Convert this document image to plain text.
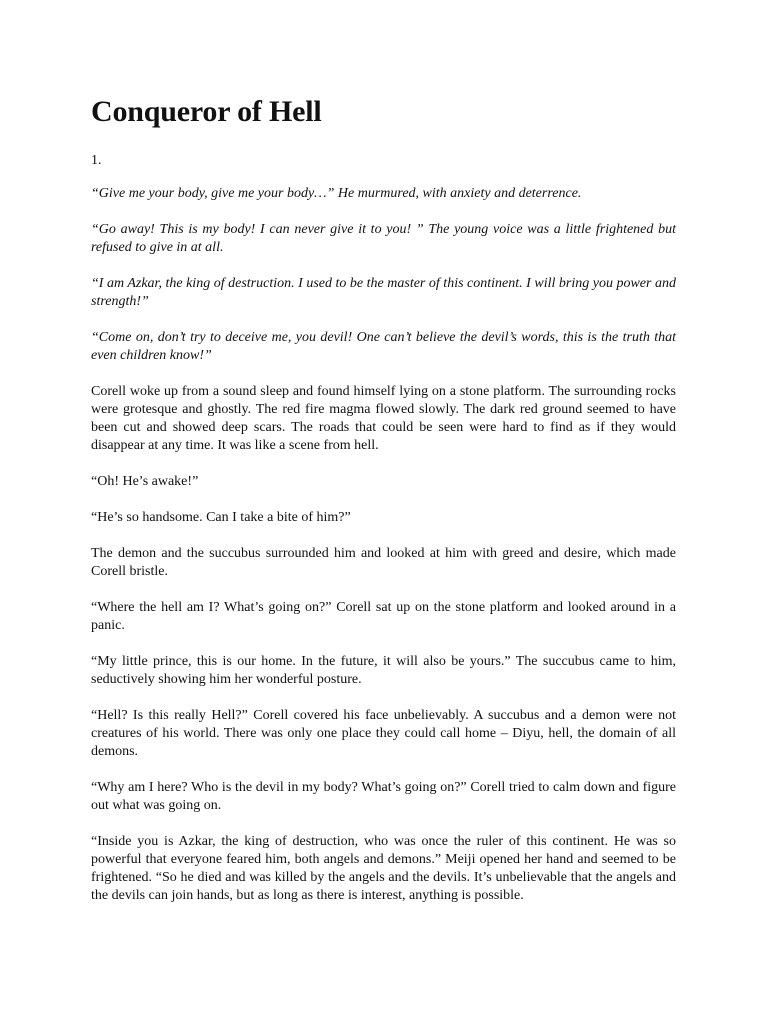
Conqueror of Hell
1.

“Give me your body, give me your body…” He murmured, with anxiety and deterrence.

“Go away! This is my body! I can never give it to you! ” The young voice was a little frightened but refused to give in at all.

“I am Azkar, the king of destruction. I used to be the master of this continent. I will bring you power and strength!”

“Come on, don’t try to deceive me, you devil! One can’t believe the devil’s words, this is the truth that even children know!”

Corell woke up from a sound sleep and found himself lying on a stone platform. The surrounding rocks were grotesque and ghostly. The red fire magma flowed slowly. The dark red ground seemed to have been cut and showed deep scars. The roads that could be seen were hard to find as if they would disappear at any time. It was like a scene from hell.

“Oh! He’s awake!”

“He’s so handsome. Can I take a bite of him?”

The demon and the succubus surrounded him and looked at him with greed and desire, which made Corell bristle.

“Where the hell am I? What’s going on?” Corell sat up on the stone platform and looked around in a panic.

“My little prince, this is our home. In the future, it will also be yours.” The succubus came to him, seductively showing him her wonderful posture.

“Hell? Is this really Hell?” Corell covered his face unbelievably. A succubus and a demon were not creatures of his world. There was only one place they could call home – Diyu, hell, the domain of all demons.

“Why am I here? Who is the devil in my body? What’s going on?” Corell tried to calm down and figure out what was going on.

“Inside you is Azkar, the king of destruction, who was once the ruler of this continent. He was so powerful that everyone feared him, both angels and demons.” Meiji opened her hand and seemed to be frightened. “So he died and was killed by the angels and the devils. It’s unbelievable that the angels and the devils can join hands, but as long as there is interest, anything is possible.
